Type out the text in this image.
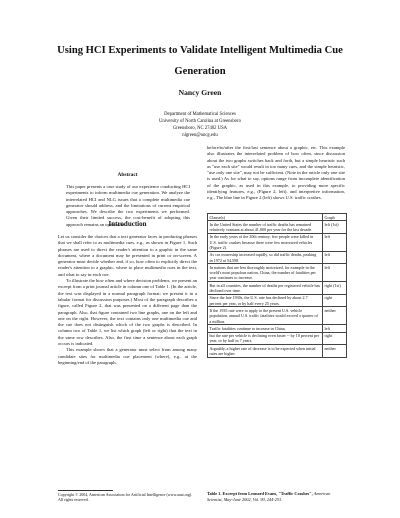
Using HCI Experiments to Validate Intelligent Multimedia Cue Generation
Nancy Green
Department of Mathematical Sciences
University of North Carolina at Greensboro
Greensboro, NC 27402 USA
nlgreen@uncg.edu
Abstract
This paper presents a case study of our experience conducting HCI experiments to inform multimedia cue generation. We analyze the interrelated HCI and NLG issues that a complete multimedia cue generator should address, and the limitations of current empirical approaches. We describe the two experiments we performed. Given their limited success, the cost-benefit of adopting this approach remains an open issue.
Introduction

Let us consider the choices that a text generator faces in producing phrases that we shall refer to as multimedia cues, e.g., as shown in Figure 1. Such phrases are used to direct the reader's attention to a graphic in the same document, where a document may be presented in print or on-screen. A generator must decide whether and, if so, how often to explicitly direct the reader's attention to a graphic, where to place multimedia cues in the text, and what to say in each cue.

To illustrate the how often and where decision problems, we present an excerpt from a print journal article in column one of Table 1. (In the article, the text was displayed in a normal paragraph format; we present it in a tabular format for discussion purposes.) Most of the paragraph describes a figure, called Figure 2, that was presented on a different page than the paragraph. Also, that figure contained two line graphs, one on the left and one on the right. However, the text contains only one multimedia cue and the cue does not distinguish which of the two graphs is described. In column two of Table 1, we list which graph (left or right) that the text in the same row describes. Also, the first time a sentence about each graph occurs is indicated.

This example shows that a generator must select from among many candidate sites for multimedia cue placement (where), e.g., at the beginning/end of the paragraph,

Copyright © 2004, American Association for Artificial Intelligence (www.aaai.org). All rights reserved.
before/in/after the first/last sentence about a graphic, etc. This example also illustrates the interrelated problem of how often, since discussion about the two graphs switches back and forth, but a simple heuristic such as "use each site" would result in too many cues, and the simple heuristic, "use only one site", may not be sufficient. (Note in the article only one site is used.) As for what to say, options range from incomplete identification of the graphic, as used in this example, to providing more specific identifying features, e.g., (Figure 2, left), and interpretive information, e.g., The blue line in Figure 2 (left) shows U.S. traffic crashes.
Clause(s)	Graph
In the United States the number of traffic deaths has remained relatively constant at about 41,000 per year for the last decade.	left (1st)
In the early years of the 20th century, few people were killed in U.S. traffic crashes because there were few motorized vehicles (Figure 2).	left
As car ownership increased rapidly, so did traffic deaths, peaking in 1972 at 54,598.	left
In nations that are less thoroughly motorized, for example in the world's most populous nation, China, the number of fatalities per year continues to increase.	left
But in all countries, the number of deaths per registered vehicle has declined over time.	right (1st)
Since the late 1930s, the U.S. rate has declined by about 2.7 percent per year, or by half every 25 years.	right
If the 1935 rate were to apply to the present U.S. vehicle population, annual U.S. traffic fatalities would exceed a quarter of a million.	neither
Traffic fatalities continue to increase in China,	left
but the rate per vehicle is declining even faster -- by 10 percent per year, or by half in 7 years.	right
Arguably, a higher rate of decrease is to be expected when initial rates are higher.	neither
Table 1. Excerpt from Leonard Evans, "Traffic Crashes", American Scientist, May-June 2002, Vol. 90, 244-253.
